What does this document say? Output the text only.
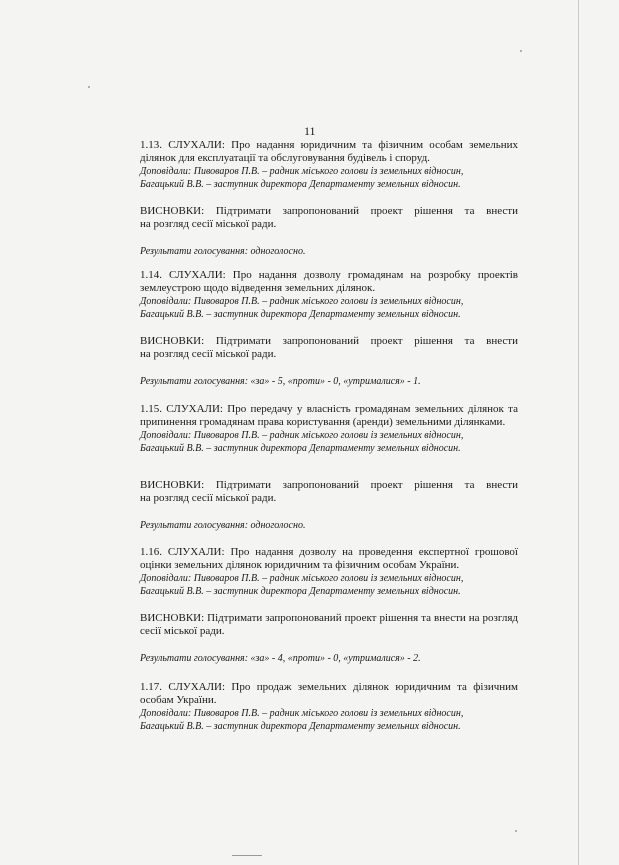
11
1.13. СЛУХАЛИ: Про надання юридичним та фізичним особам земельних
ділянок для експлуатації та обслуговування будівель і споруд.
Доповідали: Пивоваров П.В. – радник міського голови із земельних відносин,
Багацький В.В. – заступник директора Департаменту земельних відносин.
ВИСНОВКИ: Підтримати запропонований проект рішення та внести
на розгляд сесії міської ради.
Результати голосування: одноголосно.
1.14. СЛУХАЛИ: Про надання дозволу громадянам на розробку проектів
землеустрою щодо відведення земельних ділянок.
Доповідали: Пивоваров П.В. – радник міського голови із земельних відносин,
Багацький В.В. – заступник директора Департаменту земельних відносин.
ВИСНОВКИ: Підтримати запропонований проект рішення та внести
на розгляд сесії міської ради.
Результати голосування: «за» - 5, «проти» - 0, «утрималися» - 1.
1.15. СЛУХАЛИ: Про передачу у власність громадянам земельних ділянок та
припинення громадянам права користування (аренди) земельними ділянками.
Доповідали: Пивоваров П.В. – радник міського голови із земельних відносин,
Багацький В.В. – заступник директора Департаменту земельних відносин.
ВИСНОВКИ: Підтримати запропонований проект рішення та внести
на розгляд сесії міської ради.
Результати голосування: одноголосно.
1.16. СЛУХАЛИ: Про надання дозволу на проведення експертної грошової
оцінки земельних ділянок юридичним та фізичним особам України.
Доповідали: Пивоваров П.В. – радник міського голови із земельних відносин,
Багацький В.В. – заступник директора Департаменту земельних відносин.
ВИСНОВКИ: Підтримати запропонований проект рішення та внести на розгляд
сесії міської ради.
Результати голосування: «за» - 4, «проти» - 0, «утрималися» - 2.
1.17. СЛУХАЛИ: Про продаж земельних ділянок юридичним та фізичним
особам України.
Доповідали: Пивоваров П.В. – радник міського голови із земельних відносин,
Багацький В.В. – заступник директора Департаменту земельних відносин.
